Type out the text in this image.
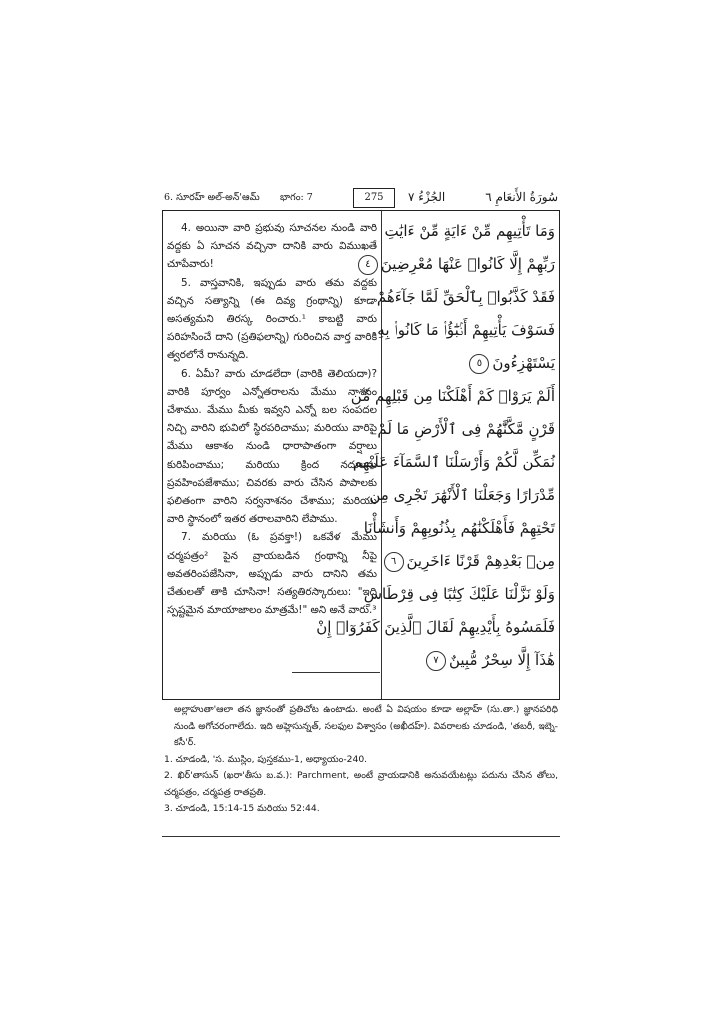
6. సూరహ్ అల్-అన్'ఆమ్ భాగం: 7	275	الجُزْءُ ٧	سُورَةُ الأَنعَامِ ٦

4. అయినా వారి ప్రభువు సూచనల నుండి వారి వద్దకు ఏ సూచన వచ్చినా దానికి వారు విముఖతే చూపేవారు!

5. వాస్తవానికి, ఇప్పుడు వారు తమ వద్దకు వచ్చిన సత్యాన్ని (ఈ దివ్య గ్రంథాన్ని) కూడా అసత్యమని తిరస్క రించారు.¹ కాబట్టి వారు పరిహసించే దాని (ప్రతిఫలాన్ని) గురించిన వార్త వారికి త్వరలోనే రానున్నది.

6. ఏమీ? వారు చూడలేదా (వారికి తెలియదా)? వారికి పూర్వం ఎన్నోతరాలను మేము నాశనం చేశాము. మేము మీకు ఇవ్వని ఎన్నో బల సంపదల నిచ్చి వారిని భువిలో స్థిరపరిచాము; మరియు వారిపై మేము ఆకాశం నుండి ధారాపాతంగా వర్షాలు కురిపించాము; మరియు క్రింద నదులను ప్రవహింపజేశాము; చివరకు వారు చేసిన పాపాలకు ఫలితంగా వారిని సర్వనాశనం చేశాము; మరియు వారి స్థానంలో ఇతర తరాలవారిని లేపాము.

7. మరియు (ఓ ప్రవక్తా!) ఒకవేళ మేము చర్మపత్రం² పైన వ్రాయబడిన గ్రంథాన్ని నీపై అవతరింపజేసినా, అప్పుడు వారు దానిని తమ చేతులతో తాకి చూసినా! సత్యతిరస్కారులు: "ఇది స్పష్టమైన మాయాజాలం మాత్రమే!" అని అనే వారు.³

وَمَا تَأْتِيهِم مِّنْ ءَايَةٍ مِّنْ ءَايَٰتِ
رَبِّهِمْ إِلَّا كَانُوا۟ عَنْهَا مُعْرِضِينَ٤
فَقَدْ كَذَّبُوا۟ بِٱلْحَقِّ لَمَّا جَآءَهُمْ
فَسَوْفَ يَأْتِيهِمْ أَنۢبَٰٓؤُا۟ مَا كَانُوا۟ بِهِۦ
يَسْتَهْزِءُونَ٥
أَلَمْ يَرَوْا۟ كَمْ أَهْلَكْنَا مِن قَبْلِهِم مِّن
قَرْنٍ مَّكَّنَّٰهُمْ فِى ٱلْأَرْضِ مَا لَمْ
نُمَكِّن لَّكُمْ وَأَرْسَلْنَا ٱلسَّمَآءَ عَلَيْهِم
مِّدْرَارًا وَجَعَلْنَا ٱلْأَنْهَٰرَ تَجْرِى مِن
تَحْتِهِمْ فَأَهْلَكْنَٰهُم بِذُنُوبِهِمْ وَأَنشَأْنَا
مِنۢ بَعْدِهِمْ قَرْنًا ءَاخَرِينَ٦
وَلَوْ نَزَّلْنَا عَلَيْكَ كِتَٰبًا فِى قِرْطَاسٍ
فَلَمَسُوهُ بِأَيْدِيهِمْ لَقَالَ ٱلَّذِينَ كَفَرُوٓا۟ إِنْ
هَٰذَآ إِلَّا سِحْرٌ مُّبِينٌ٧

అల్లాహుతా'ఆలా తన జ్ఞానంతో ప్రతిచోట ఉంటాడు. అంటే ఏ విషయం కూడా అల్లాహ్ (సు.తా.) జ్ఞానపరిధి నుండి అగోచరంగాలేదు. ఇది అహ్లెసున్నత్, సలఫుల విశ్వాసం (అఖీదహ్). వివరాలకు చూడండి, 'తబరీ, ఇబ్నె-కసీ'ర్.

1. చూడండి, 'స. ముస్లిం, పుస్తకము-1, అధ్యాయం-240.

2. ఖిర్'తాసున్ (ఖరా'తీసు బ.వ.): Parchment, అంటే వ్రాయడానికి అనువయేటట్లు పదును చేసిన తోలు, చర్మపత్రం, చర్మపత్ర రాతప్రతి.

3. చూడండి, 15:14-15 మరియు 52:44.
